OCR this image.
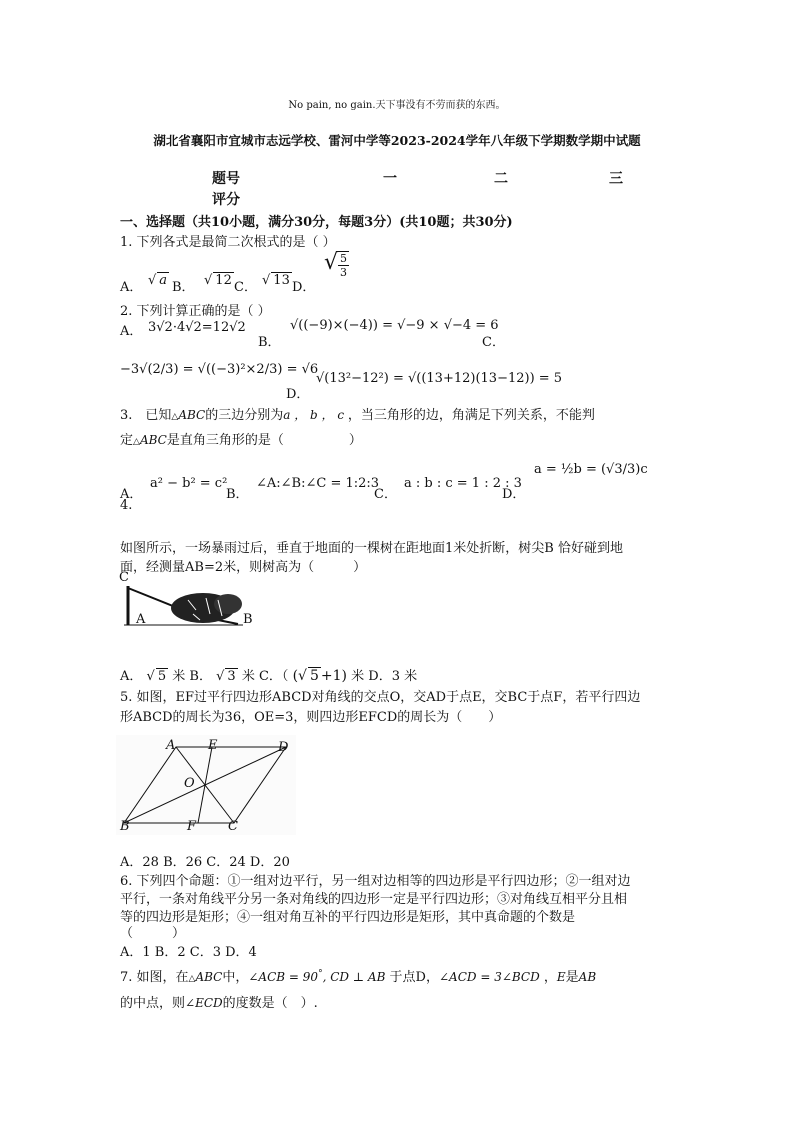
No pain, no gain.天下事没有不劳而获的东西。
湖北省襄阳市宜城市志远学校、雷河中学等2023-2024学年八年级下学期数学期中试题
题号	一	二	三
评分
一、选择题（共10小题，满分30分，每题3分）(共10题；共30分)
1. 下列各式是最简二次根式的是（ ）
A． √ a B． √ 12 C． √ 13 D．
√ $\frac{5}{3}$
2. 下列计算正确的是（ ）
A． 3√2·4√2=12√2
B．
√((−9)×(−4)) = √−9 × √−4 = 6
C．
−3√(2/3) = √((−3)²×2/3) = √6
D．
√(13²−12²) = √((13+12)(13−12)) = 5
3.　已知△ABC的三边分别为a ， b ， c ，当三角形的边，角满足下列关系，不能判
定△ABC是直角三角形的是（　　　　　）
A．
a² − b² = c²
B．
∠A:∠B:∠C = 1:2:3
C．
a : b : c = 1 : 2 : 3
D．
a = ½b = (√3/3)c
4.
如图所示，一场暴雨过后，垂直于地面的一棵树在距地面1米处折断，树尖B 恰好碰到地
面，经测量AB=2米，则树高为（　　　）
C
A	B
A． √ 5 米 B． √ 3 米 C．（ (√ 5 +1) 米 D．3 米
5. 如图，EF过平行四边形ABCD对角线的交点O，交AD于点E，交BC于点F，若平行四边
形ABCD的周长为36，OE=3，则四边形EFCD的周长为（　　）
A	E	D
O
B	F C
A．28 B．26 C．24 D．20
6. 下列四个命题：①一组对边平行，另一组对边相等的四边形是平行四边形；②一组对边
平行，一条对角线平分另一条对角线的四边形一定是平行四边形；③对角线互相平分且相
等的四边形是矩形；④一组对角互补的平行四边形是矩形，其中真命题的个数是
（　　　）
A．1 B．2 C．3 D．4
7. 如图，在△ABC中，∠ACB = 90°, CD ⊥ AB 于点D，∠ACD = 3∠BCD ，E是AB
的中点，则∠ECD的度数是（　）.
